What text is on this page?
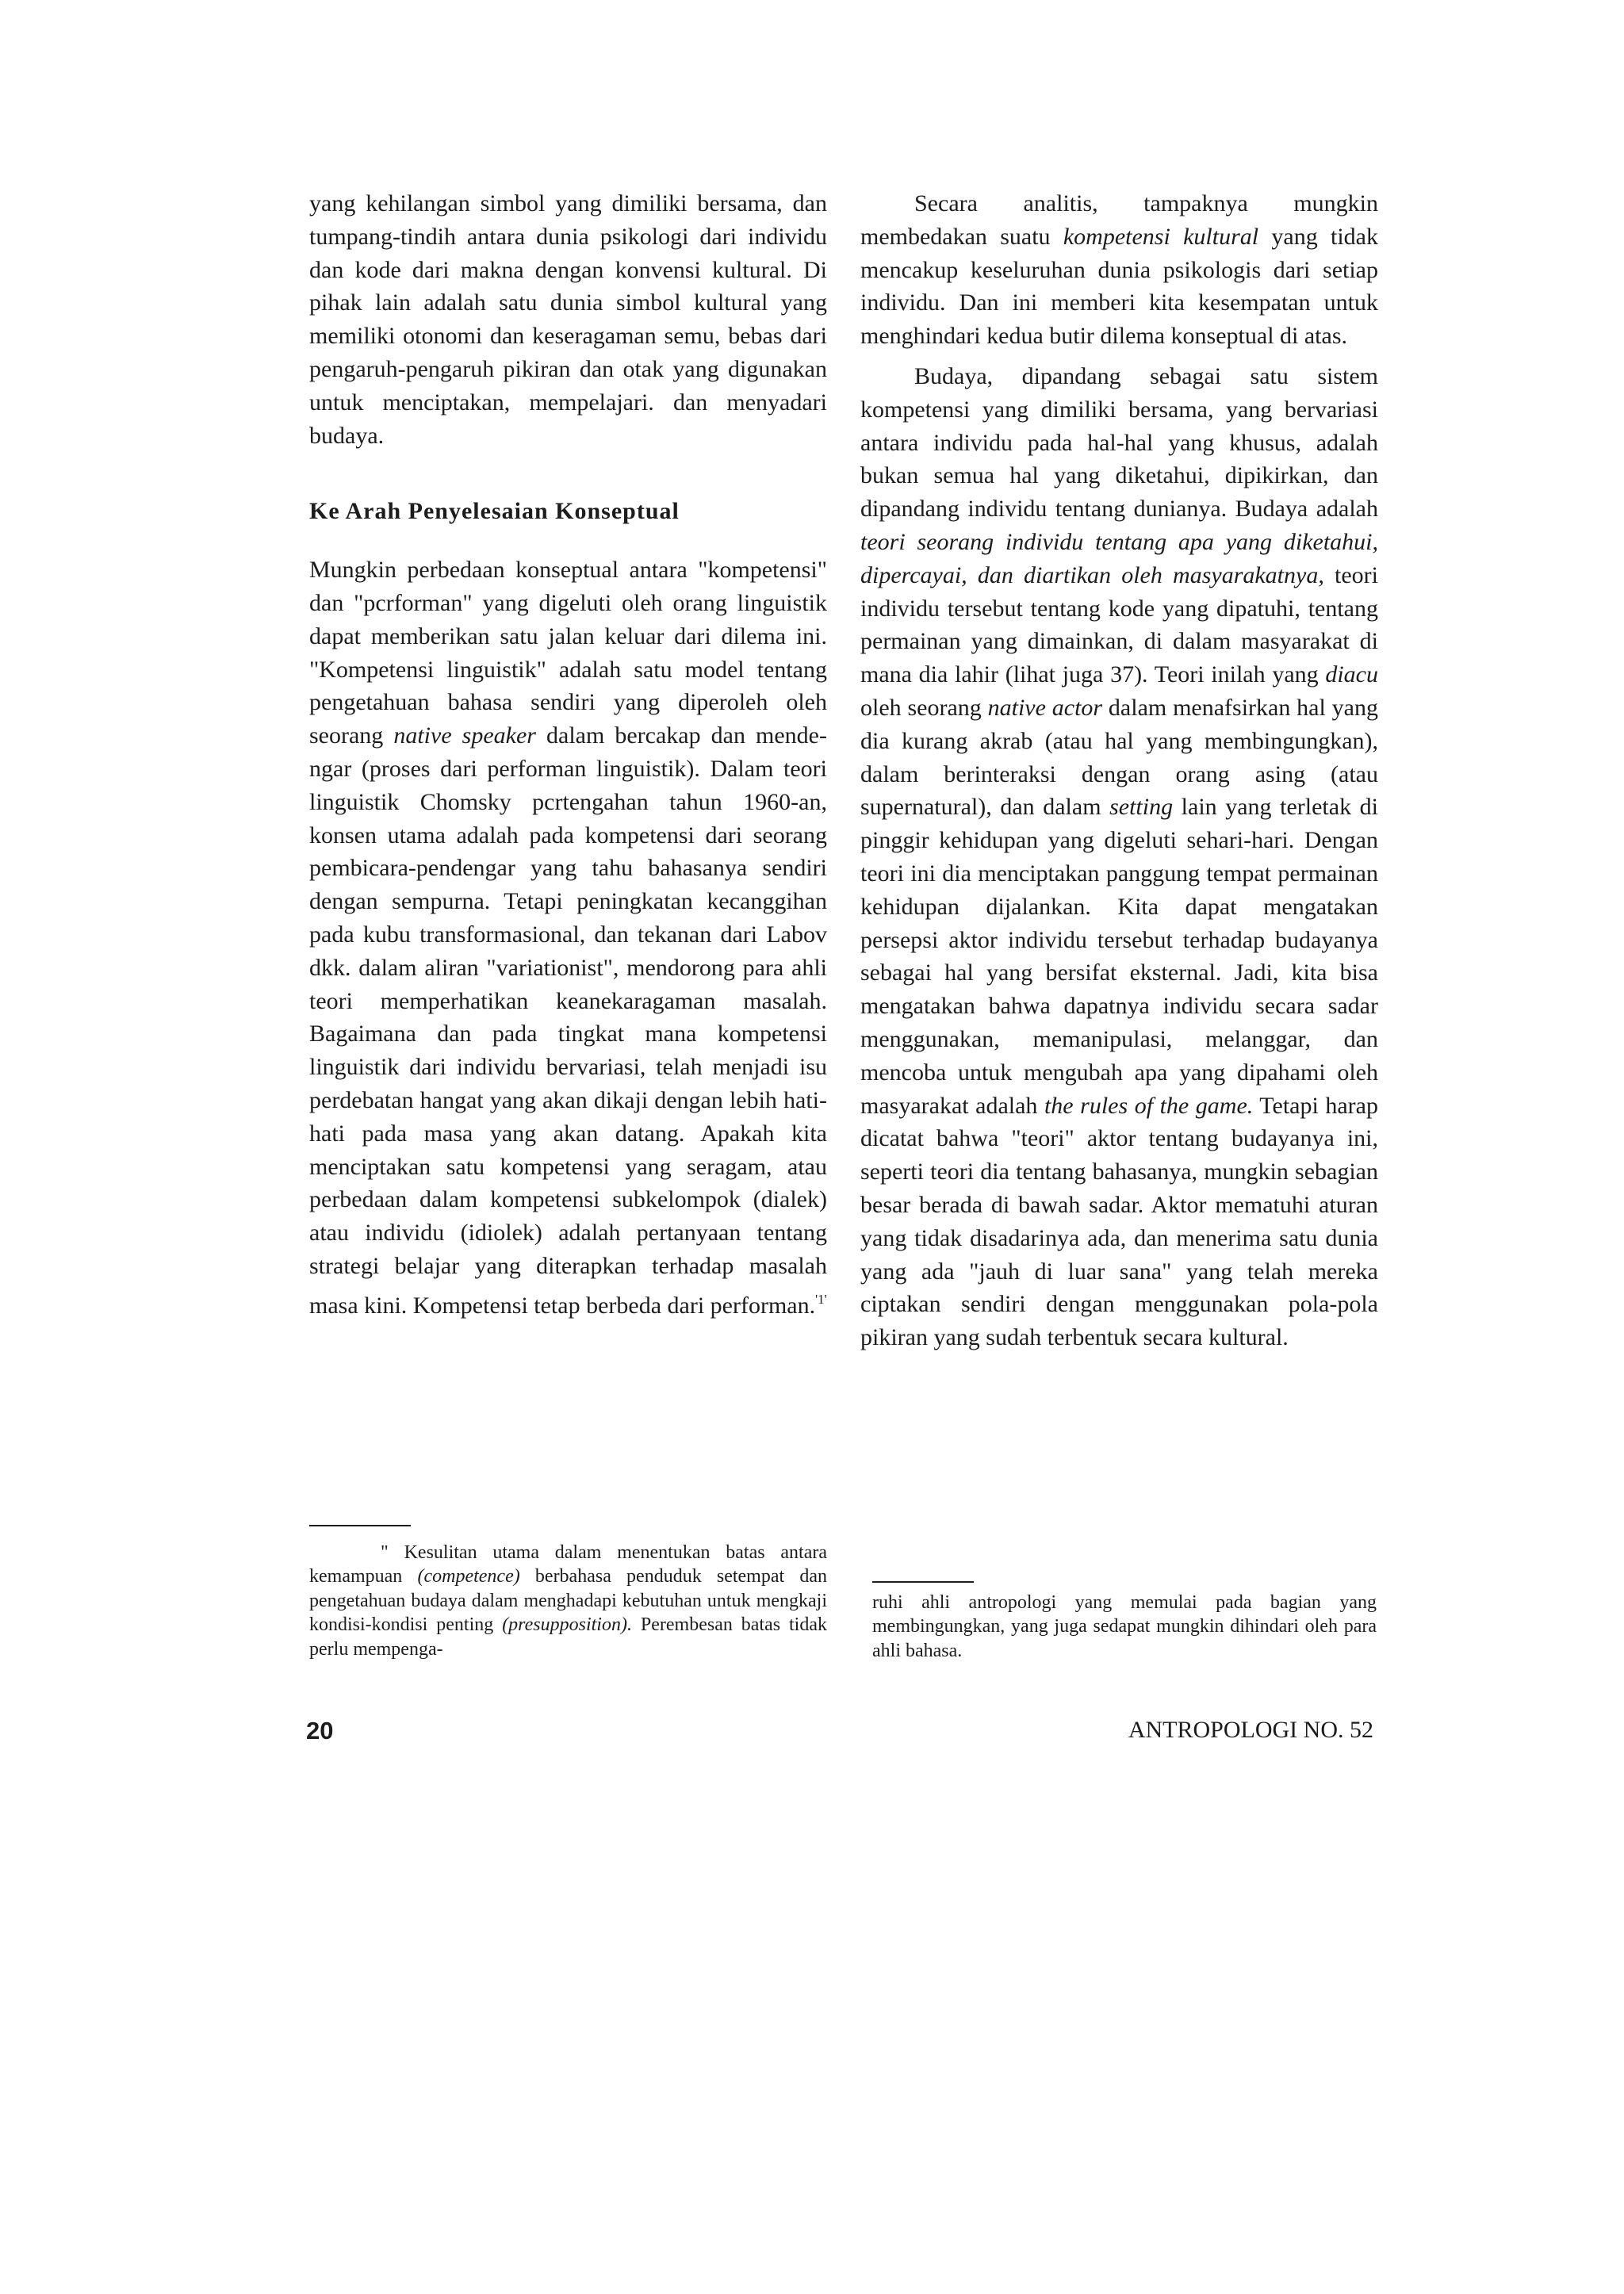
yang kehilangan simbol yang dimiliki bersama, dan tumpang-tindih antara dunia psikologi dari individu dan kode dari makna dengan konvensi kultural. Di pihak lain adalah satu dunia simbol kultural yang memiliki otonomi dan keseragaman semu, bebas dari pengaruh-pengaruh pikiran dan otak yang digunakan untuk menciptakan, mempelajari. dan menyadari budaya.

Ke Arah Penyelesaian Konseptual

Mungkin perbedaan konseptual antara "kompetensi" dan "pcrforman" yang digeluti oleh orang linguistik dapat memberikan satu jalan keluar dari dilema ini. "Kompetensi linguistik" adalah satu model tentang pengetahuan bahasa sendiri yang diperoleh oleh seorang native speaker dalam bercakap dan mendengar (proses dari performan linguistik). Dalam teori linguistik Chomsky pcrtengahan tahun 1960-an, konsen utama adalah pada kompetensi dari seorang pembicara-pendengar yang tahu bahasanya sendiri dengan sempurna. Tetapi peningkatan kecanggihan pada kubu transformasional, dan tekanan dari Labov dkk. dalam aliran "variationist", mendorong para ahli teori memperhatikan keanekaragaman masalah. Bagaimana dan pada tingkat mana kompetensi linguistik dari individu bervariasi, telah menjadi isu perdebatan hangat yang akan dikaji dengan lebih hati-hati pada masa yang akan datang. Apakah kita menciptakan satu kompetensi yang seragam, atau perbedaan dalam kompetensi subkelompok (dialek) atau individu (idiolek) adalah pertanyaan tentang strategi belajar yang diterapkan terhadap masalah masa kini. Kompetensi tetap berbeda dari performan.$^{'1'}$

" Kesulitan utama dalam menentukan batas antara kemampuan (competence) berbahasa penduduk setempat dan pengetahuan budaya dalam menghadapi kebutuhan untuk mengkaji kondisi-kondisi penting (presupposition). Perembesan batas tidak perlu mempenga-

Secara analitis, tampaknya mungkin membedakan suatu kompetensi kultural yang tidak mencakup keseluruhan dunia psikologis dari setiap individu. Dan ini memberi kita kesempatan untuk menghindari kedua butir dilema konseptual di atas.

Budaya, dipandang sebagai satu sistem kompetensi yang dimiliki bersama, yang bervariasi antara individu pada hal-hal yang khusus, adalah bukan semua hal yang diketahui, dipikirkan, dan dipandang individu tentang dunianya. Budaya adalah teori seorang individu tentang apa yang diketahui, dipercayai, dan diartikan oleh masyarakatnya, teori individu tersebut tentang kode yang dipatuhi, tentang permainan yang dimainkan, di dalam masyarakat di mana dia lahir (lihat juga 37). Teori inilah yang diacu oleh seorang native actor dalam menafsirkan hal yang dia kurang akrab (atau hal yang membingungkan), dalam berinteraksi dengan orang asing (atau supernatural), dan dalam setting lain yang terletak di pinggir kehidupan yang digeluti sehari-hari. Dengan teori ini dia menciptakan panggung tempat permainan kehidupan dijalankan. Kita dapat mengatakan persepsi aktor individu tersebut terhadap budayanya sebagai hal yang bersifat eksternal. Jadi, kita bisa mengatakan bahwa dapatnya individu secara sadar menggunakan, memanipulasi, melanggar, dan mencoba untuk mengubah apa yang dipahami oleh masyarakat adalah the rules of the game. Tetapi harap dicatat bahwa "teori" aktor tentang budayanya ini, seperti teori dia tentang bahasanya, mungkin sebagian besar berada di bawah sadar. Aktor mematuhi aturan yang tidak disadarinya ada, dan menerima satu dunia yang ada "jauh di luar sana" yang telah mereka ciptakan sendiri dengan menggunakan pola-pola pikiran yang sudah terbentuk secara kultural.

ruhi ahli antropologi yang memulai pada bagian yang membingungkan, yang juga sedapat mungkin dihindari oleh para ahli bahasa.

20	ANTROPOLOGI NO. 52
